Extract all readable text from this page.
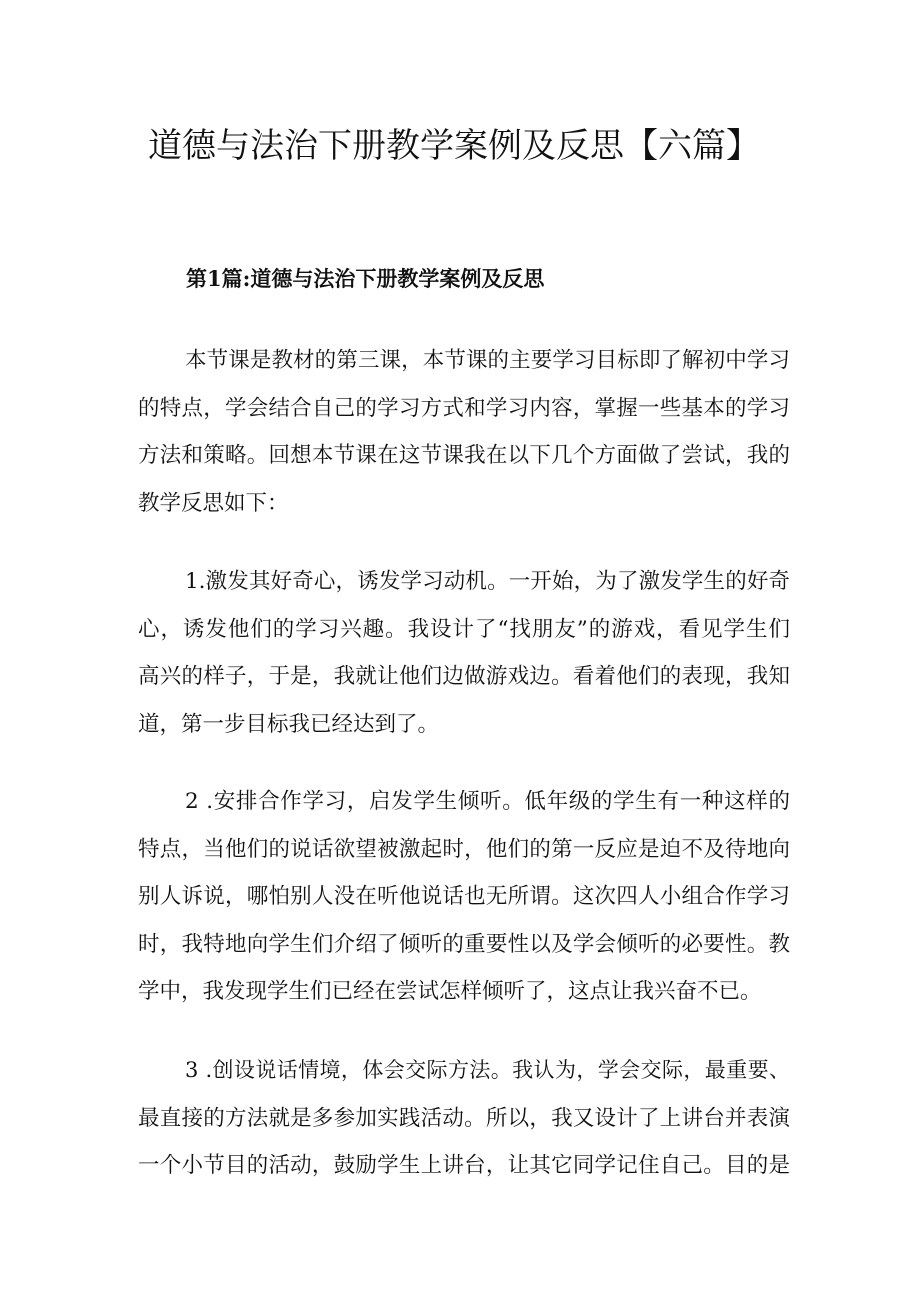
道德与法治下册教学案例及反思【六篇】
第1篇:道德与法治下册教学案例及反思

本节课是教材的第三课，本节课的主要学习目标即了解初中学习
的特点，学会结合自己的学习方式和学习内容，掌握一些基本的学习
方法和策略。回想本节课在这节课我在以下几个方面做了尝试，我的
教学反思如下：

1.激发其好奇心，诱发学习动机。一开始，为了激发学生的好奇
心，诱发他们的学习兴趣。我设计了“找朋友”的游戏，看见学生们
高兴的样子，于是，我就让他们边做游戏边。看着他们的表现，我知
道，第一步目标我已经达到了。

2 .安排合作学习，启发学生倾听。低年级的学生有一种这样的
特点，当他们的说话欲望被激起时，他们的第一反应是迫不及待地向
别人诉说，哪怕别人没在听他说话也无所谓。这次四人小组合作学习
时，我特地向学生们介绍了倾听的重要性以及学会倾听的必要性。教
学中，我发现学生们已经在尝试怎样倾听了，这点让我兴奋不已。

3 .创设说话情境，体会交际方法。我认为，学会交际，最重要、
最直接的方法就是多参加实践活动。所以，我又设计了上讲台并表演
一个小节目的活动，鼓励学生上讲台，让其它同学记住自己。目的是
